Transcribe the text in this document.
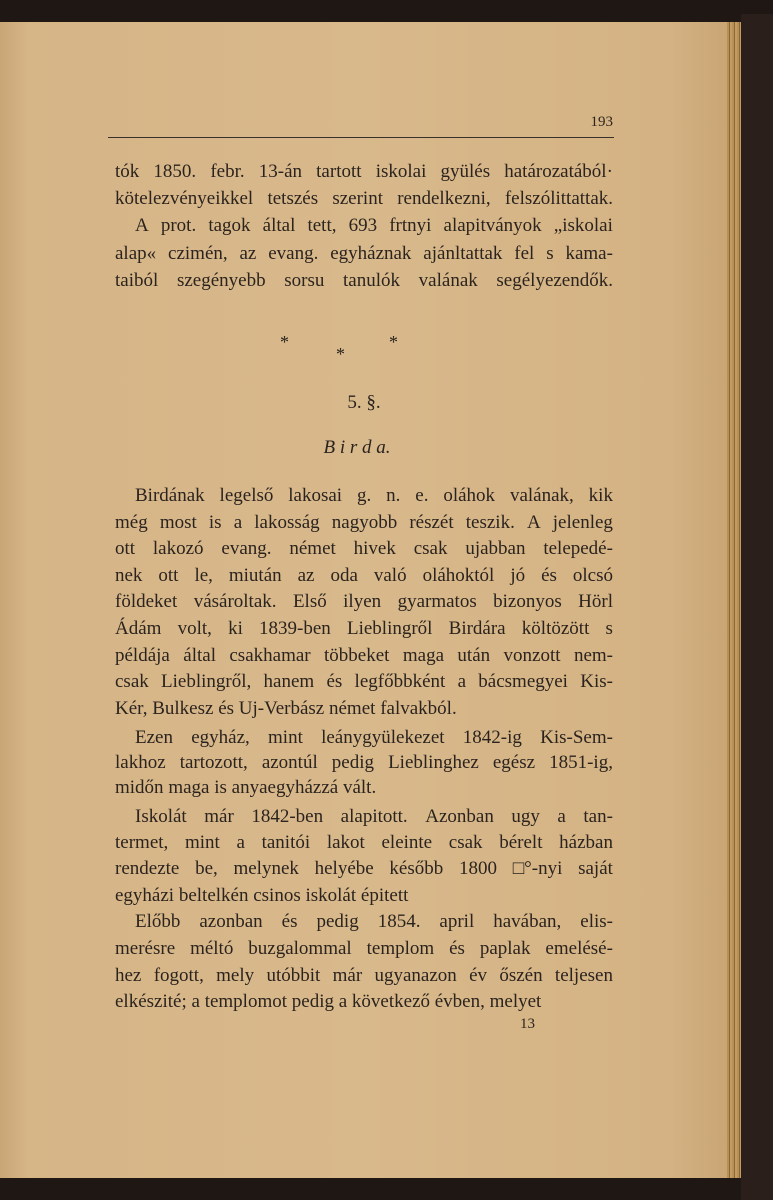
193
tók 1850. febr. 13-án tartott iskolai gyülés határozatából·
kötelezvényeikkel tetszés szerint rendelkezni, felszólittattak.
A prot. tagok által tett, 693 frtnyi alapitványok „iskolai
alap« czimén, az evang. egyháznak ajánltattak fel s kama-
taiból szegényebb sorsu tanulók valának segélyezendők.
Birdának legelső lakosai g. n. e. oláhok valának, kik
még most is a lakosság nagyobb részét teszik. A jelenleg
ott lakozó evang. német hivek csak ujabban telepedé-
nek ott le, miután az oda való oláhoktól jó és olcsó
földeket vásároltak. Első ilyen gyarmatos bizonyos Hörl
Ádám volt, ki 1839-ben Lieblingről Birdára költözött s
példája által csakhamar többeket maga után vonzott nem-
csak Lieblingről, hanem és legfőbbként a bácsmegyei Kis-
Kér, Bulkesz és Uj-Verbász német falvakból.
Ezen egyház, mint leánygyülekezet 1842-ig Kis-Sem-
lakhoz tartozott, azontúl pedig Lieblinghez egész 1851-ig,
midőn maga is anyaegyházzá vált.
Iskolát már 1842-ben alapitott. Azonban ugy a tan-
termet, mint a tanitói lakot eleinte csak bérelt házban
rendezte be, melynek helyébe később 1800 □°-nyi saját
egyházi beltelkén csinos iskolát épitett
Előbb azonban és pedig 1854. april havában, elis-
merésre méltó buzgalommal templom és paplak emelésé-
hez fogott, mely utóbbit már ugyanazon év őszén teljesen
elkészité; a templomot pedig a következő évben, melyet
*
*
*
5. §.
B i r d a.
13
